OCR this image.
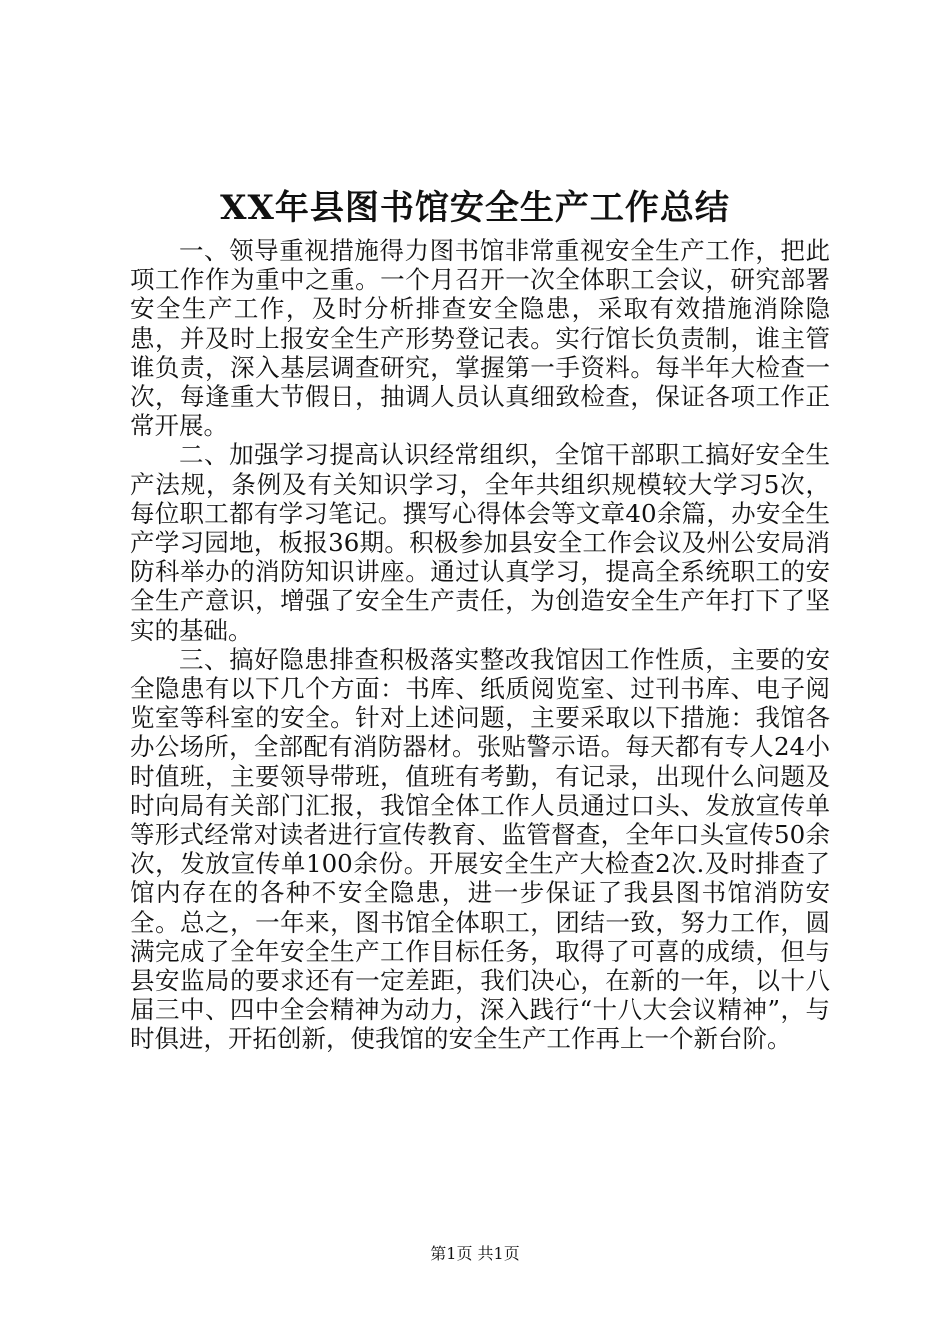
XX年县图书馆安全生产工作总结

一、领导重视措施得力图书馆非常重视安全生产工作，把此项工作作为重中之重。一个月召开一次全体职工会议，研究部署安全生产工作，及时分析排查安全隐患，采取有效措施消除隐患，并及时上报安全生产形势登记表。实行馆长负责制，谁主管谁负责，深入基层调查研究，掌握第一手资料。每半年大检查一次，每逢重大节假日，抽调人员认真细致检查，保证各项工作正常开展。

二、加强学习提高认识经常组织，全馆干部职工搞好安全生产法规，条例及有关知识学习，全年共组织规模较大学习5次，每位职工都有学习笔记。撰写心得体会等文章40余篇，办安全生产学习园地，板报36期。积极参加县安全工作会议及州公安局消防科举办的消防知识讲座。通过认真学习，提高全系统职工的安全生产意识，增强了安全生产责任，为创造安全生产年打下了坚实的基础。

三、搞好隐患排查积极落实整改我馆因工作性质，主要的安全隐患有以下几个方面：书库、纸质阅览室、过刊书库、电子阅览室等科室的安全。针对上述问题，主要采取以下措施：我馆各办公场所，全部配有消防器材。张贴警示语。每天都有专人24小时值班，主要领导带班，值班有考勤，有记录，出现什么问题及时向局有关部门汇报，我馆全体工作人员通过口头、发放宣传单等形式经常对读者进行宣传教育、监管督查，全年口头宣传50余次，发放宣传单100余份。开展安全生产大检查2次.及时排查了馆内存在的各种不安全隐患，进一步保证了我县图书馆消防安全。总之，一年来，图书馆全体职工，团结一致，努力工作，圆满完成了全年安全生产工作目标任务，取得了可喜的成绩，但与县安监局的要求还有一定差距，我们决心，在新的一年，以十八届三中、四中全会精神为动力，深入践行“十八大会议精神”，与时俱进，开拓创新，使我馆的安全生产工作再上一个新台阶。

第1页 共1页
